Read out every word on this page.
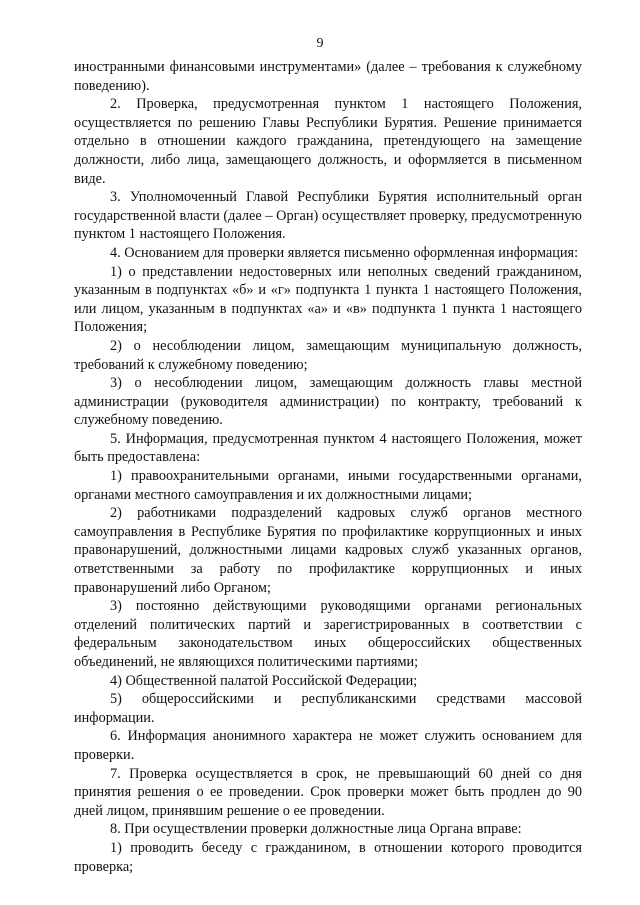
9

иностранными финансовыми инструментами» (далее – требования к служебному поведению).

2. Проверка, предусмотренная пунктом 1 настоящего Положения, осуществляется по решению Главы Республики Бурятия. Решение принимается отдельно в отношении каждого гражданина, претендующего на замещение должности, либо лица, замещающего должность, и оформляется в письменном виде.

3. Уполномоченный Главой Республики Бурятия исполнительный орган государственной власти (далее – Орган) осуществляет проверку, предусмотренную пунктом 1 настоящего Положения.

4. Основанием для проверки является письменно оформленная информация:

1) о представлении недостоверных или неполных сведений гражданином, указанным в подпунктах «б» и «г» подпункта 1 пункта 1 настоящего Положения, или лицом, указанным в подпунктах «а» и «в» подпункта 1 пункта 1 настоящего Положения;

2) о несоблюдении лицом, замещающим муниципальную должность, требований к служебному поведению;

3) о несоблюдении лицом, замещающим должность главы местной администрации (руководителя администрации) по контракту, требований к служебному поведению.

5. Информация, предусмотренная пунктом 4 настоящего Положения, может быть предоставлена:

1) правоохранительными органами, иными государственными органами, органами местного самоуправления и их должностными лицами;

2) работниками подразделений кадровых служб органов местного самоуправления в Республике Бурятия по профилактике коррупционных и иных правонарушений, должностными лицами кадровых служб указанных органов, ответственными за работу по профилактике коррупционных и иных правонарушений либо Органом;

3) постоянно действующими руководящими органами региональных отделений политических партий и зарегистрированных в соответствии с федеральным законодательством иных общероссийских общественных объединений, не являющихся политическими партиями;

4) Общественной палатой Российской Федерации;

5) общероссийскими и республиканскими средствами массовой информации.

6. Информация анонимного характера не может служить основанием для проверки.

7. Проверка осуществляется в срок, не превышающий 60 дней со дня принятия решения о ее проведении. Срок проверки может быть продлен до 90 дней лицом, принявшим решение о ее проведении.

8. При осуществлении проверки должностные лица Органа вправе:

1) проводить беседу с гражданином, в отношении которого проводится проверка;
